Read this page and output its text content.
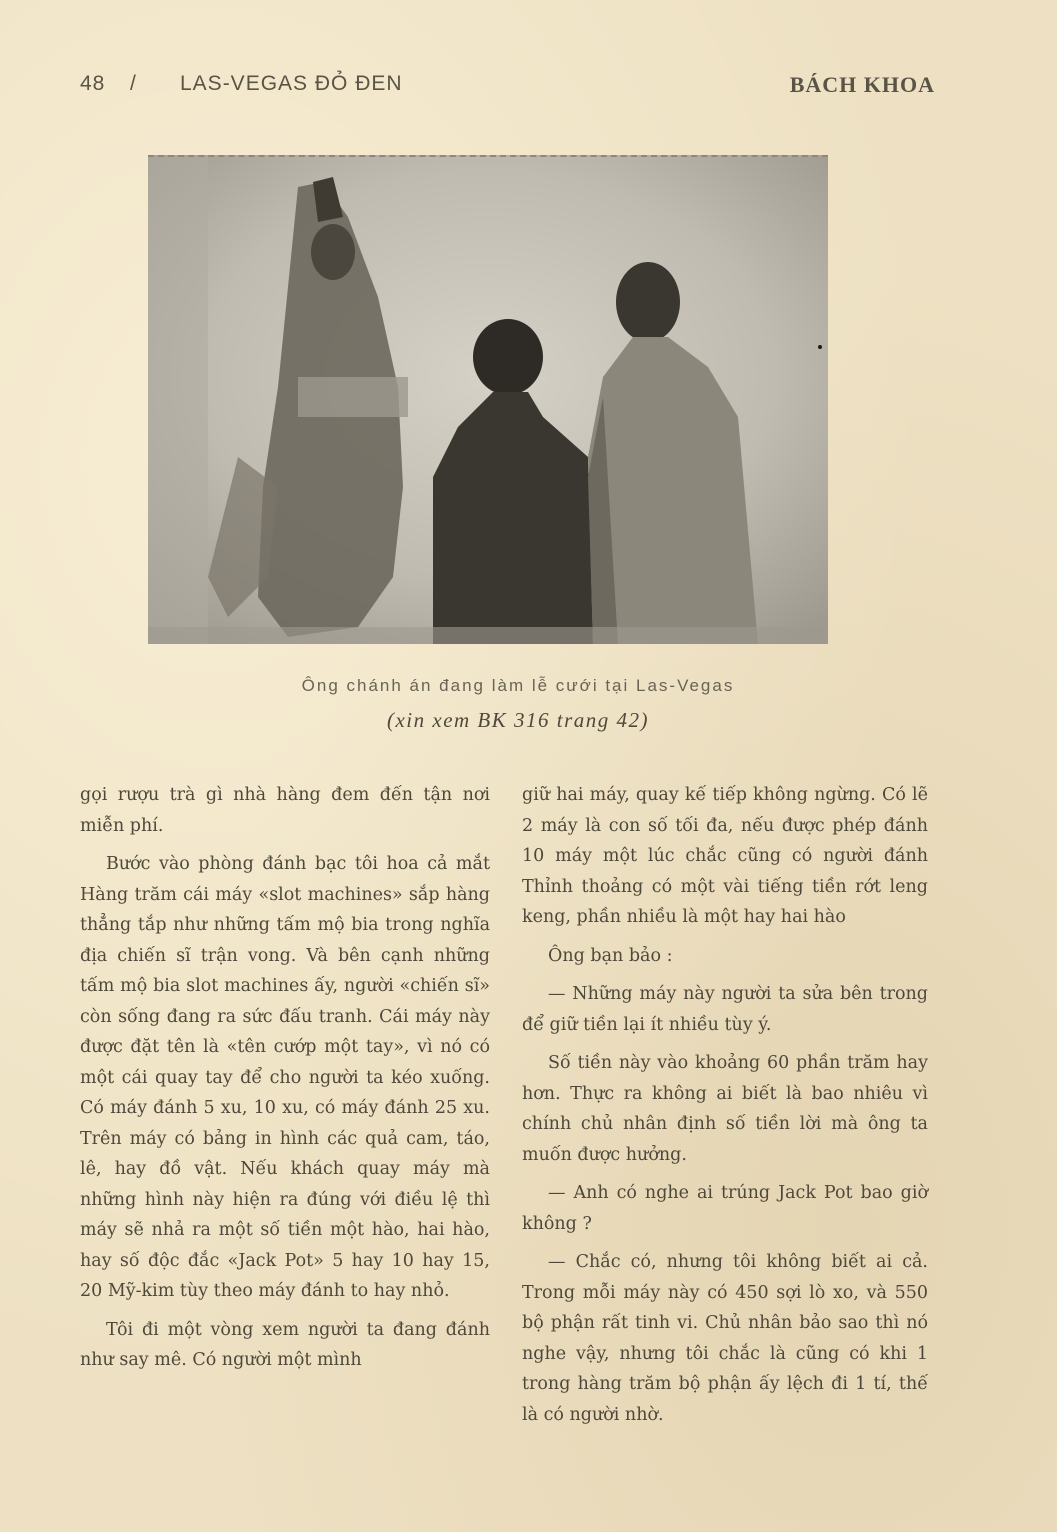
48 / LAS-VEGAS ĐỎ ĐEN	BÁCH KHOA
Ông chánh án đang làm lễ cưới tại Las-Vegas
(xin xem BK 316 trang 42)

gọi rượu trà gì nhà hàng đem đến tận nơi miễn phí.

Bước vào phòng đánh bạc tôi hoa cả mắt Hàng trăm cái máy «slot machines» sắp hàng thẳng tắp như những tấm mộ bia trong nghĩa địa chiến sĩ trận vong. Và bên cạnh những tấm mộ bia slot machines ấy, người «chiến sĩ» còn sống đang ra sức đấu tranh. Cái máy này được đặt tên là «tên cướp một tay», vì nó có một cái quay tay để cho người ta kéo xuống. Có máy đánh 5 xu, 10 xu, có máy đánh 25 xu. Trên máy có bảng in hình các quả cam, táo, lê, hay đồ vật. Nếu khách quay máy mà những hình này hiện ra đúng với điều lệ thì máy sẽ nhả ra một số tiền một hào, hai hào, hay số độc đắc «Jack Pot» 5 hay 10 hay 15, 20 Mỹ-kim tùy theo máy đánh to hay nhỏ.

Tôi đi một vòng xem người ta đang đánh như say mê. Có người một mình

giữ hai máy, quay kế tiếp không ngừng. Có lẽ 2 máy là con số tối đa, nếu được phép đánh 10 máy một lúc chắc cũng có người đánh Thỉnh thoảng có một vài tiếng tiền rớt leng keng, phần nhiều là một hay hai hào

Ông bạn bảo :

— Những máy này người ta sửa bên trong để giữ tiền lại ít nhiều tùy ý.

Số tiền này vào khoảng 60 phần trăm hay hơn. Thực ra không ai biết là bao nhiêu vì chính chủ nhân định số tiền lời mà ông ta muốn được hưởng.

— Anh có nghe ai trúng Jack Pot bao giờ không ?

— Chắc có, nhưng tôi không biết ai cả. Trong mỗi máy này có 450 sợi lò xo, và 550 bộ phận rất tinh vi. Chủ nhân bảo sao thì nó nghe vậy, nhưng tôi chắc là cũng có khi 1 trong hàng trăm bộ phận ấy lệch đi 1 tí, thế là có người nhờ.
